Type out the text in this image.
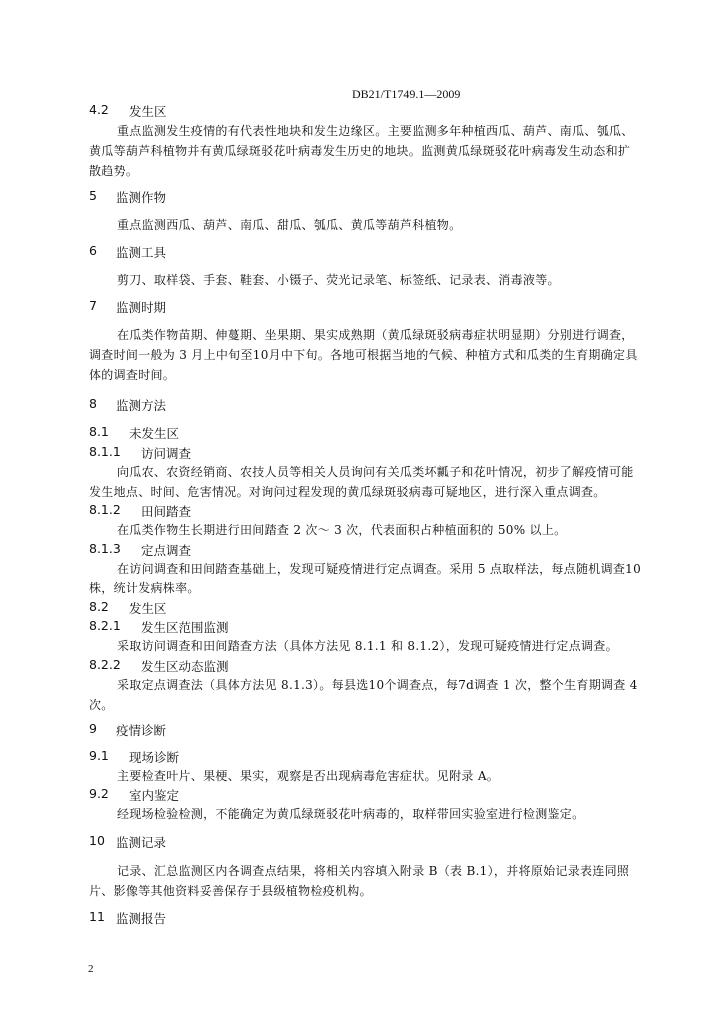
DB21/T1749.1—2009
4.2 发生区
重点监测发生疫情的有代表性地块和发生边缘区。主要监测多年种植西瓜、葫芦、南瓜、瓠瓜、
黄瓜等葫芦科植物并有黄瓜绿斑驳花叶病毒发生历史的地块。监测黄瓜绿斑驳花叶病毒发生动态和扩
散趋势。
5 监测作物
重点监测西瓜、葫芦、南瓜、甜瓜、瓠瓜、黄瓜等葫芦科植物。
6 监测工具
剪刀、取样袋、手套、鞋套、小镊子、荧光记录笔、标签纸、记录表、消毒液等。
7 监测时期
在瓜类作物苗期、伸蔓期、坐果期、果实成熟期（黄瓜绿斑驳病毒症状明显期）分别进行调查，
调查时间一般为 3 月上中旬至10月中下旬。各地可根据当地的气候、种植方式和瓜类的生育期确定具
体的调查时间。
8 监测方法
8.1 未发生区
8.1.1 访问调查
向瓜农、农资经销商、农技人员等相关人员询问有关瓜类坏瓤子和花叶情况，初步了解疫情可能
发生地点、时间、危害情况。对询问过程发现的黄瓜绿斑驳病毒可疑地区，进行深入重点调查。
8.1.2 田间踏查
在瓜类作物生长期进行田间踏查 2 次～ 3 次，代表面积占种植面积的 50% 以上。
8.1.3 定点调查
在访问调查和田间踏查基础上，发现可疑疫情进行定点调查。采用 5 点取样法，每点随机调查10
株，统计发病株率。
8.2 发生区
8.2.1 发生区范围监测
采取访问调查和田间踏查方法（具体方法见 8.1.1 和 8.1.2），发现可疑疫情进行定点调查。
8.2.2 发生区动态监测
采取定点调查法（具体方法见 8.1.3）。每县选10个调查点，每7d调查 1 次，整个生育期调查 4
次。
9 疫情诊断
9.1 现场诊断
主要检查叶片、果梗、果实，观察是否出现病毒危害症状。见附录 A。
9.2 室内鉴定
经现场检验检测，不能确定为黄瓜绿斑驳花叶病毒的，取样带回实验室进行检测鉴定。
10 监测记录
记录、汇总监测区内各调查点结果，将相关内容填入附录 B（表 B.1），并将原始记录表连同照
片、影像等其他资料妥善保存于县级植物检疫机构。
11 监测报告
2
